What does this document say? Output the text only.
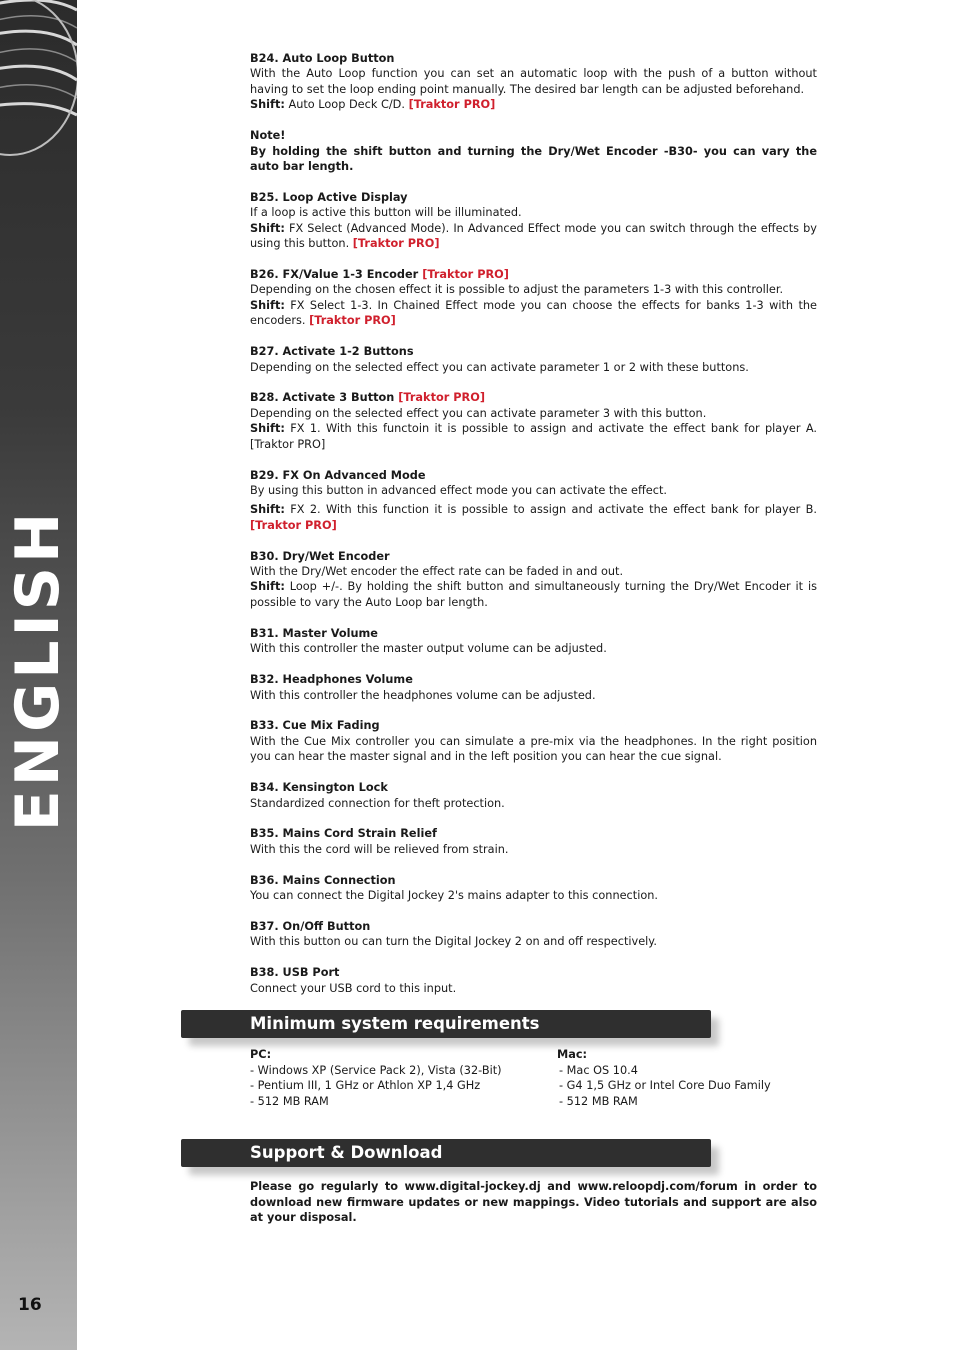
ENGLISH
16

B24. Auto Loop Button

With the Auto Loop function you can set an automatic loop with the push of a button without having to set the loop ending point manually. The desired bar length can be adjusted beforehand.

Shift: Auto Loop Deck C/D. [Traktor PRO]

Note!

By holding the shift button and turning the Dry/Wet Encoder -B30- you can vary the auto bar length.

B25. Loop Active Display

If a loop is active this button will be illuminated.

Shift: FX Select (Advanced Mode). In Advanced Effect mode you can switch through the effects by using this button. [Traktor PRO]

B26. FX/Value 1-3 Encoder [Traktor PRO]

Depending on the chosen effect it is possible to adjust the parameters 1-3 with this controller.

Shift: FX Select 1-3. In Chained Effect mode you can choose the effects for banks 1-3 with the encoders. [Traktor PRO]

B27. Activate 1-2 Buttons

Depending on the selected effect you can activate parameter 1 or 2 with these buttons.

B28. Activate 3 Button [Traktor PRO]

Depending on the selected effect you can activate parameter 3 with this button.

Shift: FX 1. With this functoin it is possible to assign and activate the effect bank for player A. [Traktor PRO]

B29. FX On Advanced Mode

By using this button in advanced effect mode you can activate the effect.

Shift: FX 2. With this function it is possible to assign and activate the effect bank for player B. [Traktor PRO]

B30. Dry/Wet Encoder

With the Dry/Wet encoder the effect rate can be faded in and out.

Shift: Loop +/-. By holding the shift button and simultaneously turning the Dry/Wet Encoder it is possible to vary the Auto Loop bar length.

B31. Master Volume

With this controller the master output volume can be adjusted.

B32. Headphones Volume

With this controller the headphones volume can be adjusted.

B33. Cue Mix Fading

With the Cue Mix controller you can simulate a pre-mix via the headphones. In the right position you can hear the master signal and in the left position you can hear the cue signal.

B34. Kensington Lock

Standardized connection for theft protection.

B35. Mains Cord Strain Relief

With this the cord will be relieved from strain.

B36. Mains Connection

You can connect the Digital Jockey 2's mains adapter to this connection.

B37. On/Off Button

With this button ou can turn the Digital Jockey 2 on and off respectively.

B38. USB Port

Connect your USB cord to this input.

Minimum system requirements

PC:

- Windows XP (Service Pack 2), Vista (32-Bit)

- Pentium III, 1 GHz or Athlon XP 1,4 GHz

- 512 MB RAM

Mac:

- Mac OS 10.4

- G4 1,5 GHz or Intel Core Duo Family

- 512 MB RAM

Support & Download
Please go regularly to www.digital-jockey.dj and www.reloopdj.com/forum in order to download new firmware updates or new mappings. Video tutorials and support are also at your disposal.
